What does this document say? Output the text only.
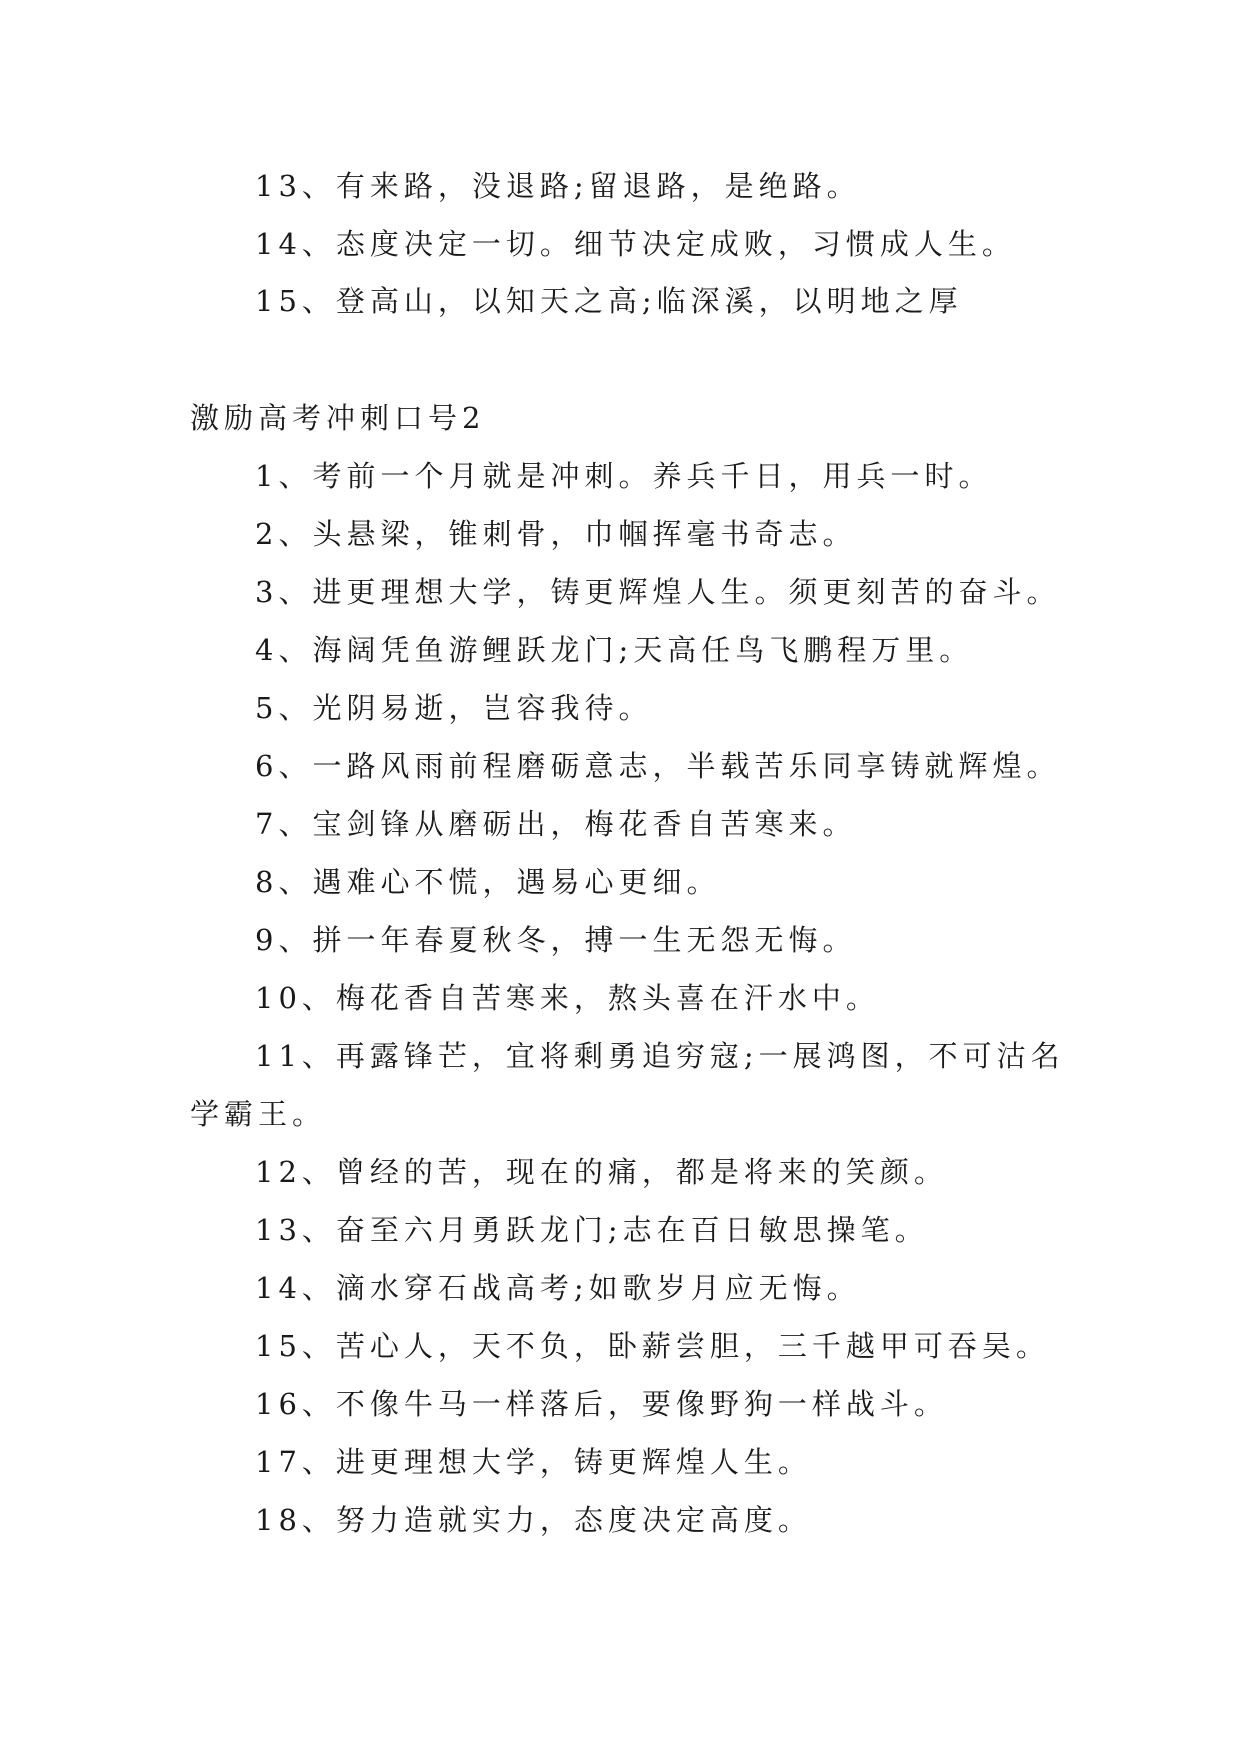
13、有来路，没退路;留退路，是绝路。
14、态度决定一切。细节决定成败，习惯成人生。
15、登高山，以知天之高;临深溪，以明地之厚
激励高考冲刺口号2
1、考前一个月就是冲刺。养兵千日，用兵一时。
2、头悬梁，锥刺骨，巾帼挥毫书奇志。
3、进更理想大学，铸更辉煌人生。须更刻苦的奋斗。
4、海阔凭鱼游鲤跃龙门;天高任鸟飞鹏程万里。
5、光阴易逝，岂容我待。
6、一路风雨前程磨砺意志，半载苦乐同享铸就辉煌。
7、宝剑锋从磨砺出，梅花香自苦寒来。
8、遇难心不慌，遇易心更细。
9、拼一年春夏秋冬，搏一生无怨无悔。
10、梅花香自苦寒来，熬头喜在汗水中。
11、再露锋芒，宜将剩勇追穷寇;一展鸿图，不可沽名
学霸王。
12、曾经的苦，现在的痛，都是将来的笑颜。
13、奋至六月勇跃龙门;志在百日敏思操笔。
14、滴水穿石战高考;如歌岁月应无悔。
15、苦心人，天不负，卧薪尝胆，三千越甲可吞吴。
16、不像牛马一样落后，要像野狗一样战斗。
17、进更理想大学，铸更辉煌人生。
18、努力造就实力，态度决定高度。
